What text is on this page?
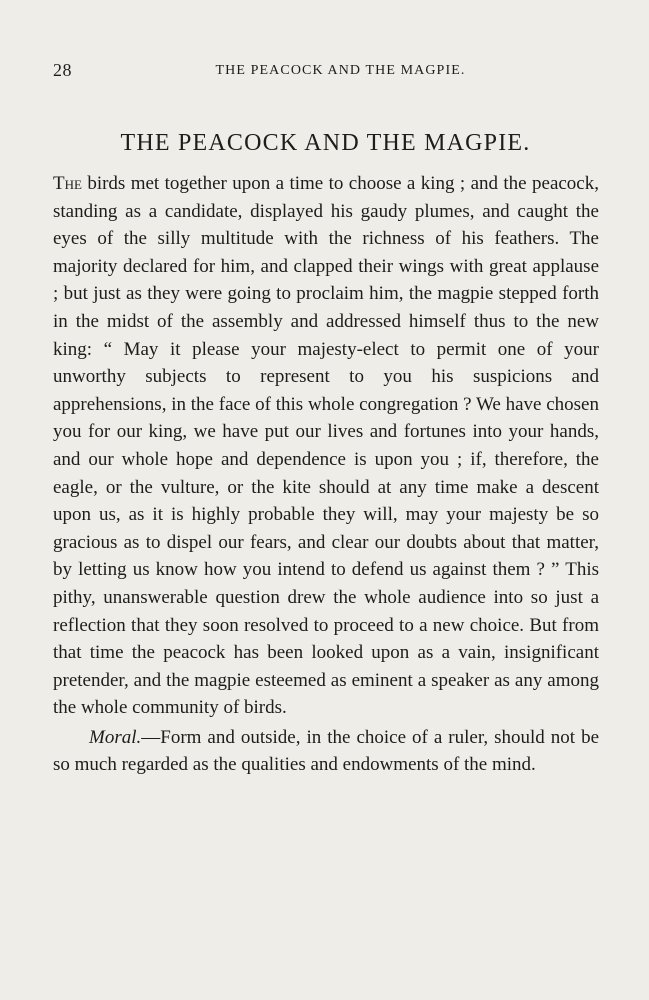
28	THE PEACOCK AND THE MAGPIE.
THE PEACOCK AND THE MAGPIE.

The birds met together upon a time to choose a king ; and the peacock, standing as a candidate, displayed his gaudy plumes, and caught the eyes of the silly multitude with the richness of his feathers. The majority declared for him, and clapped their wings with great applause ; but just as they were going to proclaim him, the magpie stepped forth in the midst of the assembly and addressed himself thus to the new king: “ May it please your majesty-elect to permit one of your unworthy subjects to represent to you his suspicions and apprehensions, in the face of this whole congregation ? We have chosen you for our king, we have put our lives and fortunes into your hands, and our whole hope and dependence is upon you ; if, therefore, the eagle, or the vulture, or the kite should at any time make a descent upon us, as it is highly probable they will, may your majesty be so gracious as to dispel our fears, and clear our doubts about that matter, by letting us know how you intend to defend us against them ? ” This pithy, unanswerable question drew the whole audience into so just a reflection that they soon resolved to proceed to a new choice. But from that time the peacock has been looked upon as a vain, insignificant pretender, and the magpie esteemed as eminent a speaker as any among the whole community of birds.

Moral.—Form and outside, in the choice of a ruler, should not be so much regarded as the qualities and endowments of the mind.
